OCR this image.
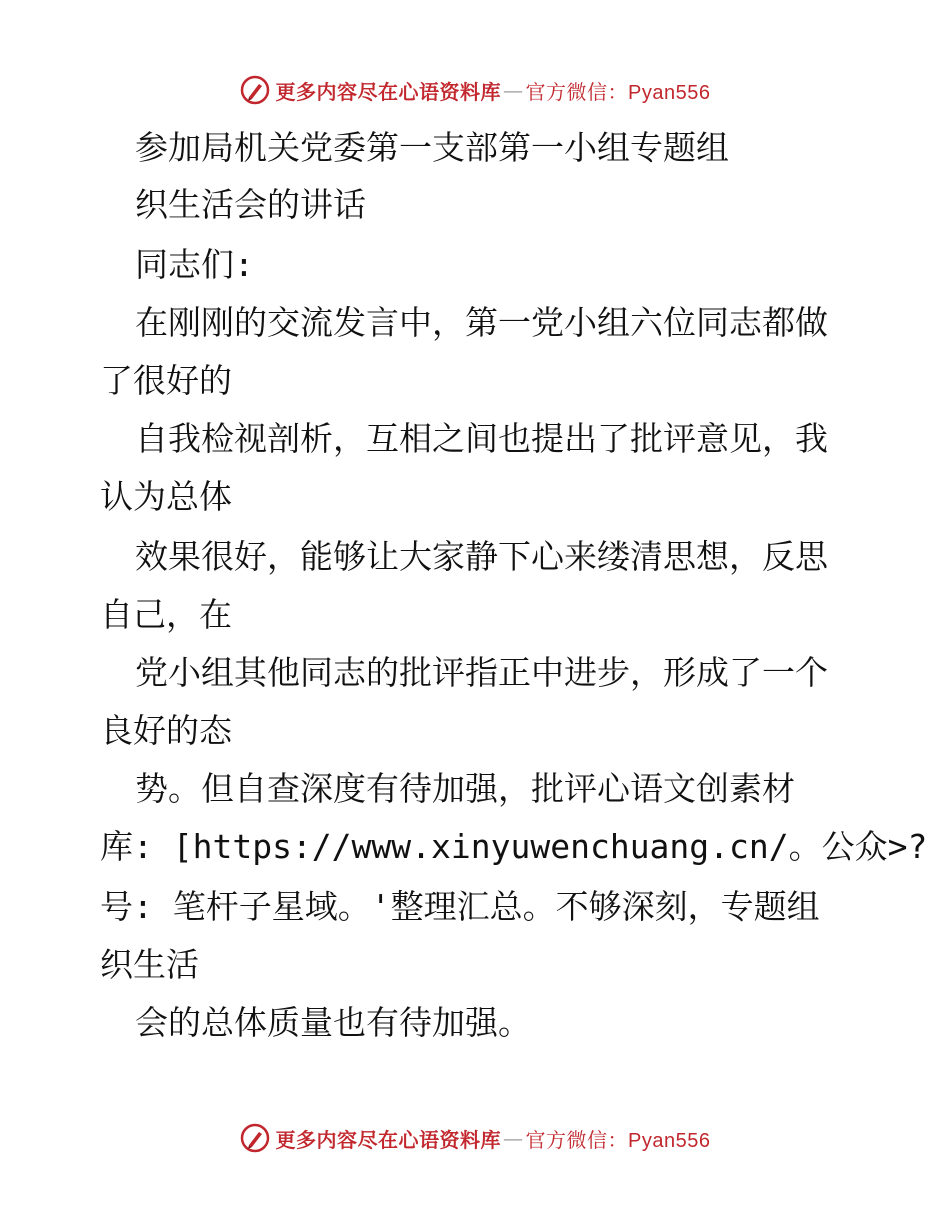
更多内容尽在心语资料库 — 官方微信：Pyan556
参加局机关党委第一支部第一小组专题组
织生活会的讲话
同志们:
在刚刚的交流发言中，第一党小组六位同志都做
了很好的
自我检视剖析，互相之间也提出了批评意见，我
认为总体
效果很好，能够让大家静下心来缕清思想，反思
自己，在
党小组其他同志的批评指正中进步，形成了一个
良好的态
势。但自查深度有待加强，批评心语文创素材
库: [https://www.xinyuwenchuang.cn/。公众>?
号: 笔杆子星域。'整理汇总。不够深刻，专题组
织生活
会的总体质量也有待加强。
更多内容尽在心语资料库 — 官方微信：Pyan556
